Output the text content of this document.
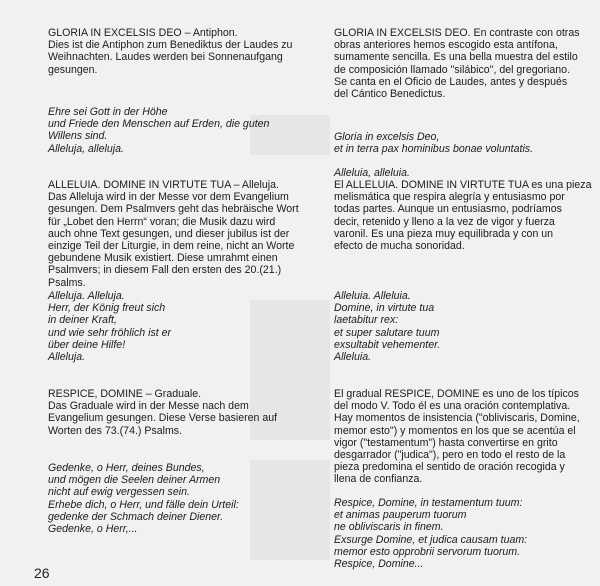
GLORIA IN EXCELSIS DEO – Antiphon.

Dies ist die Antiphon zum Benediktus der Laudes zu

Weihnachten. Laudes werden bei Sonnenaufgang

gesungen.

Ehre sei Gott in der Höhe

und Friede den Menschen auf Erden, die guten

Willens sind.

Alleluja, alleluja.

ALLELUIA. DOMINE IN VIRTUTE TUA – Alleluja.

Das Alleluja wird in der Messe vor dem Evangelium

gesungen. Dem Psalmvers geht das hebräische Wort

für „Lobet den Herrn“ voran; die Musik dazu wird

auch ohne Text gesungen, und dieser jubilus ist der

einzige Teil der Liturgie, in dem reine, nicht an Worte

gebundene Musik existiert. Diese umrahmt einen

Psalmvers; in diesem Fall den ersten des 20.(21.)

Psalms.

Alleluja. Alleluja.

Herr, der König freut sich

in deiner Kraft,

und wie sehr fröhlich ist er

über deine Hilfe!

Alleluja.

RESPICE, DOMINE – Graduale.

Das Graduale wird in der Messe nach dem

Evangelium gesungen. Diese Verse basieren auf

Worten des 73.(74.) Psalms.

Gedenke, o Herr, deines Bundes,

und mögen die Seelen deiner Armen

nicht auf ewig vergessen sein.

Erhebe dich, o Herr, und fälle dein Urteil:

gedenke der Schmach deiner Diener.

Gedenke, o Herr,...

GLORIA IN EXCELSIS DEO. En contraste con otras

obras anteriores hemos escogido esta antífona,

sumamente sencilla. Es una bella muestra del estilo

de composición llamado "silábico", del gregoriano.

Se canta en el Oficio de Laudes, antes y después

del Cántico Benedictus.

Gloria in excelsis Deo,

et in terra pax hominibus bonae voluntatis.

Alleluia, alleluia.

El ALLELUIA. DOMINE IN VIRTUTE TUA es una pieza

melismática que respira alegría y entusiasmo por

todas partes. Aunque un entusiasmo, podríamos

decir, retenido y lleno a la vez de vigor y fuerza

varonil. Es una pieza muy equilibrada y con un

efecto de mucha sonoridad.

Alleluia. Alleluia.

Domine, in virtute tua

laetabitur rex:

et super salutare tuum

exsultabit vehementer.

Alleluia.

El gradual RESPICE, DOMINE es uno de los típicos

del modo V. Todo él es una oración contemplativa.

Hay momentos de insistencia ("obliviscaris, Domine,

memor esto") y momentos en los que se acentúa el

vigor ("testamentum") hasta convertirse en grito

desgarrador ("judica"), pero en todo el resto de la

pieza predomina el sentido de oración recogida y

llena de confianza.

Respice, Domine, in testamentum tuum:

et animas pauperum tuorum

ne obliviscaris in finem.

Exsurge Domine, et judica causam tuam:

memor esto opprobrii servorum tuorum.

Respice, Domine...

26
